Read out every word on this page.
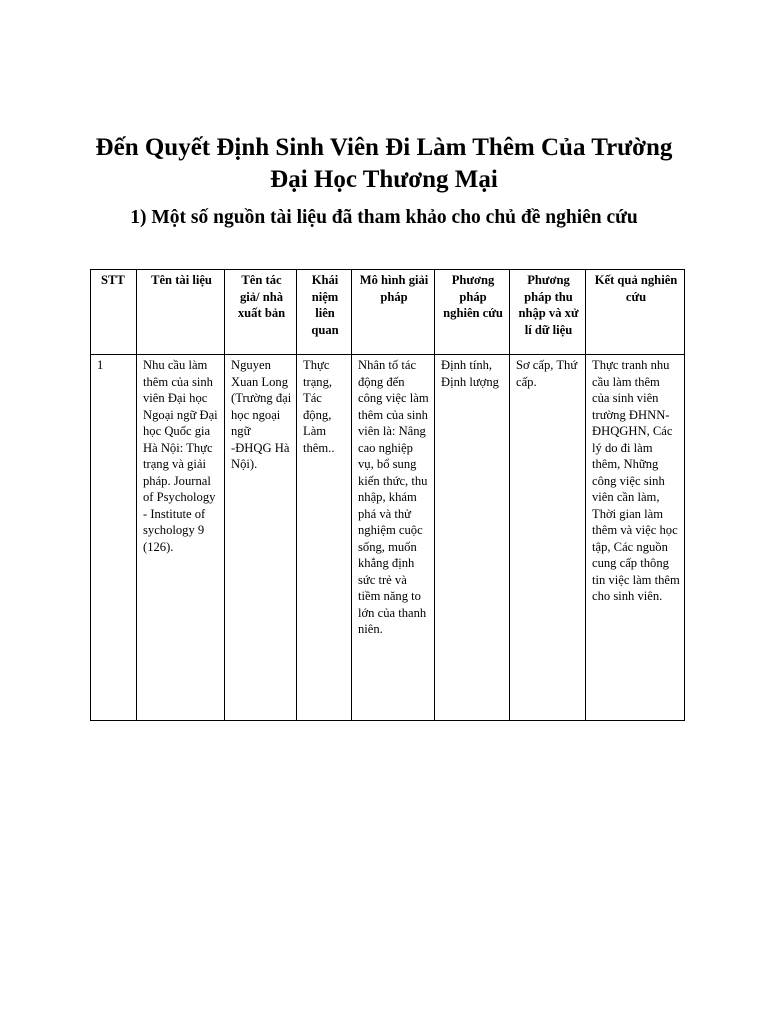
Đến Quyết Định Sinh Viên Đi Làm Thêm Của Trường
Đại Học Thương Mại
1) Một số nguồn tài liệu đã tham khảo cho chủ đề nghiên cứu
STT	Tên tài liệu	Tên tác giả/ nhà xuất bản	Khái niệm liên quan	Mô hình giải pháp	Phương pháp nghiên cứu	Phương pháp thu nhập và xử lí dữ liệu	Kết quả nghiên cứu
1	Nhu cầu làm thêm của sinh viên Đại học Ngoại ngữ Đại học Quốc gia Hà Nội: Thực trạng và giải pháp. Journal of Psychology - Institute of sychology 9 (126).	Nguyen Xuan Long (Trường đại học ngoại ngữ -ĐHQG Hà Nội).	Thực trạng, Tác động, Làm thêm..	Nhân tố tác động đến công việc làm thêm của sinh viên là: Nâng cao nghiệp vụ, bổ sung kiến thức, thu nhập, khám phá và thử nghiệm cuộc sống, muốn khẳng định sức trẻ và tiềm năng to lớn của thanh niên.	Định tính, Định lượng	Sơ cấp, Thứ cấp.	Thực tranh nhu cầu làm thêm của sinh viên trường ĐHNN-ĐHQGHN, Các lý do đi làm thêm, Những công việc sinh viên cần làm, Thời gian làm thêm và việc học tập, Các nguồn cung cấp thông tin việc làm thêm cho sinh viên.
